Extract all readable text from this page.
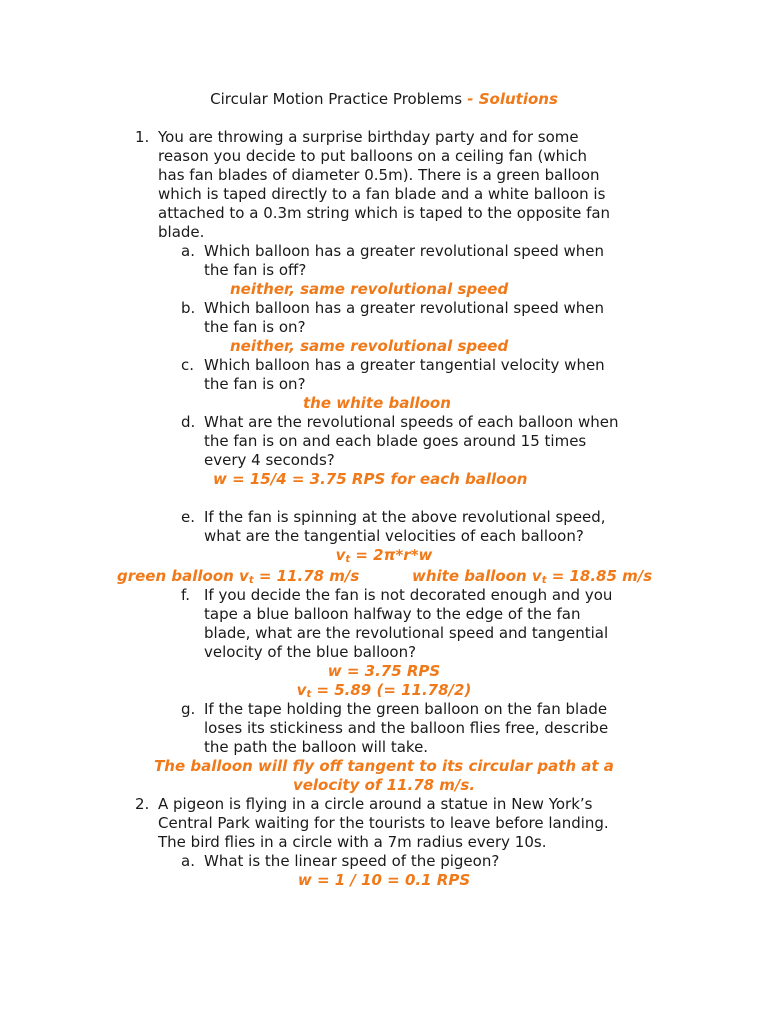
Circular Motion Practice Problems - Solutions
1. You are throwing a surprise birthday party and for some
reason you decide to put balloons on a ceiling fan (which
has fan blades of diameter 0.5m). There is a green balloon
which is taped directly to a fan blade and a white balloon is
attached to a 0.3m string which is taped to the opposite fan
blade.
a. Which balloon has a greater revolutional speed when
the fan is off?
neither, same revolutional speed
b. Which balloon has a greater revolutional speed when
the fan is on?
neither, same revolutional speed
c. Which balloon has a greater tangential velocity when
the fan is on?
the white balloon
d. What are the revolutional speeds of each balloon when
the fan is on and each blade goes around 15 times
every 4 seconds?
w = 15/4 = 3.75 RPS for each balloon
e. If the fan is spinning at the above revolutional speed,
what are the tangential velocities of each balloon?
$v_t = 2\pi*r*w$
green balloon $v_t = 11.78$ m/s	white balloon $v_t = 18.85$ m/s
f. If you decide the fan is not decorated enough and you
tape a blue balloon halfway to the edge of the fan
blade, what are the revolutional speed and tangential
velocity of the blue balloon?
w = 3.75 RPS
$v_t = 5.89$ (= 11.78/2)
g. If the tape holding the green balloon on the fan blade
loses its stickiness and the balloon flies free, describe
the path the balloon will take.
The balloon will fly off tangent to its circular path at a
velocity of 11.78 m/s.
2. A pigeon is flying in a circle around a statue in New York’s
Central Park waiting for the tourists to leave before landing.
The bird flies in a circle with a 7m radius every 10s.
a. What is the linear speed of the pigeon?
w = 1 / 10 = 0.1 RPS
